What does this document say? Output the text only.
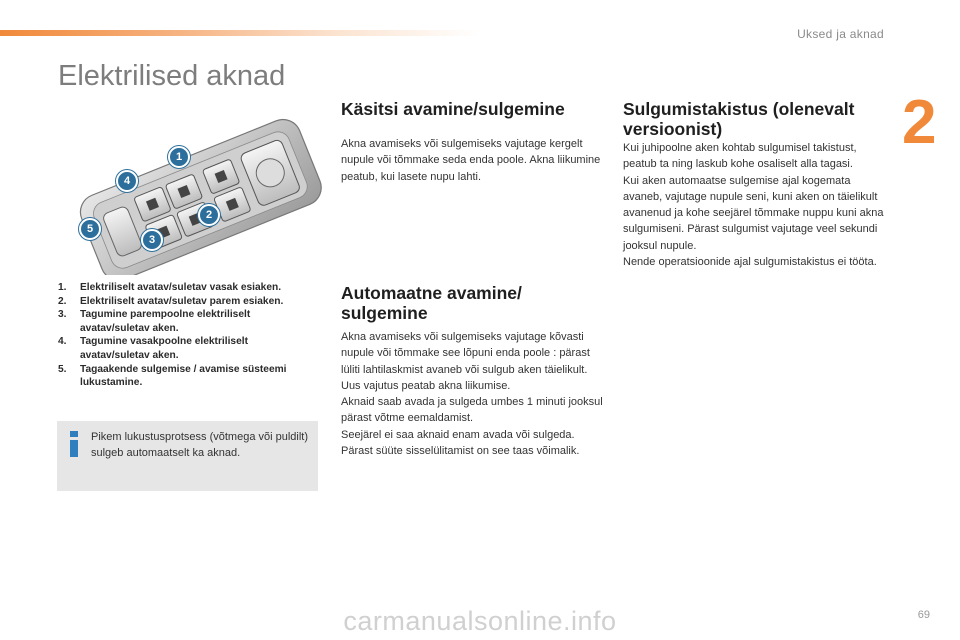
Uksed ja aknad
2
Elektrilised aknad
1
4
2
5
3
1.	Elektriliselt avatav/suletav vasak esiaken.
2.	Elektriliselt avatav/suletav parem esiaken.
3.	Tagumine parempoolne elektriliselt avatav/suletav aken.
4.	Tagumine vasakpoolne elektriliselt avatav/suletav aken.
5.	Tagaakende sulgemise / avamise süsteemi lukustamine.
Pikem lukustusprotsess (võtmega või puldilt) sulgeb automaatselt ka aknad.
Käsitsi avamine/sulgemine

Akna avamiseks või sulgemiseks vajutage kergelt nupule või tõmmake seda enda poole. Akna liikumine peatub, kui lasete nupu lahti.

Automaatne avamine/ sulgemine

Akna avamiseks või sulgemiseks vajutage kõvasti nupule või tõmmake see lõpuni enda poole : pärast lüliti lahtilaskmist avaneb või sulgub aken täielikult. Uus vajutus peatab akna liikumise.

Aknaid saab avada ja sulgeda umbes 1 minuti jooksul pärast võtme eemaldamist.

Seejärel ei saa aknaid enam avada või sulgeda. Pärast süüte sisselülitamist on see taas võimalik.

Sulgumistakistus (olenevalt versioonist)

Kui juhipoolne aken kohtab sulgumisel takistust, peatub ta ning laskub kohe osaliselt alla tagasi.

Kui aken automaatse sulgemise ajal kogemata avaneb, vajutage nupule seni, kuni aken on täielikult avanenud ja kohe seejärel tõmmake nuppu kuni akna sulgumiseni. Pärast sulgumist vajutage veel sekundi jooksul nupule.

Nende operatsioonide ajal sulgumistakistus ei tööta.

69
carmanualsonline.info
